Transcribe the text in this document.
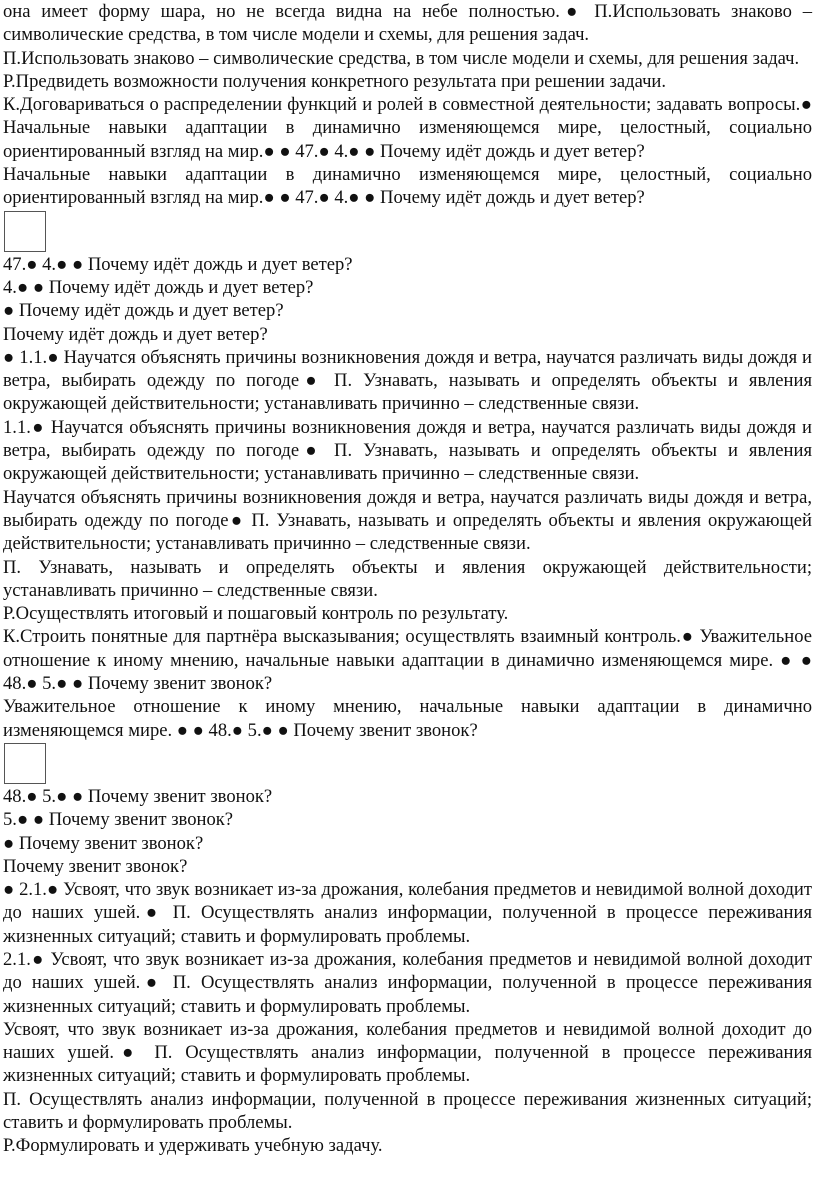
она имеет форму шара, но не всегда видна на небе полностью.● П.Использовать знаково – символические средства, в том числе модели и схемы, для решения задач.

П.Использовать знаково – символические средства, в том числе модели и схемы, для решения задач.

Р.Предвидеть возможности получения конкретного результата при решении задачи.

К.Договариваться о распределении функций и ролей в совместной деятельности; задавать вопросы.● Начальные навыки адаптации в динамично изменяющемся мире, целостный, социально ориентированный взгляд на мир.● ● 47.● 4.● ● Почему идёт дождь и дует ветер?

Начальные навыки адаптации в динамично изменяющемся мире, целостный, социально ориентированный взгляд на мир.● ● 47.● 4.● ● Почему идёт дождь и дует ветер?

47.● 4.● ● Почему идёт дождь и дует ветер?

4.● ● Почему идёт дождь и дует ветер?

● Почему идёт дождь и дует ветер?

Почему идёт дождь и дует ветер?

● 1.1.● Научатся объяснять причины возникновения дождя и ветра, научатся различать виды дождя и ветра, выбирать одежду по погоде● П. Узнавать, называть и определять объекты и явления окружающей действительности; устанавливать причинно – следственные связи.

1.1.● Научатся объяснять причины возникновения дождя и ветра, научатся различать виды дождя и ветра, выбирать одежду по погоде● П. Узнавать, называть и определять объекты и явления окружающей действительности; устанавливать причинно – следственные связи.

Научатся объяснять причины возникновения дождя и ветра, научатся различать виды дождя и ветра, выбирать одежду по погоде● П. Узнавать, называть и определять объекты и явления окружающей действительности; устанавливать причинно – следственные связи.

П. Узнавать, называть и определять объекты и явления окружающей действительности; устанавливать причинно – следственные связи.

Р.Осуществлять итоговый и пошаговый контроль по результату.

К.Строить понятные для партнёра высказывания; осуществлять взаимный контроль.● Уважительное отношение к иному мнению, начальные навыки адаптации в динамично изменяющемся мире. ● ● 48.● 5.● ● Почему звенит звонок?

Уважительное отношение к иному мнению, начальные навыки адаптации в динамично изменяющемся мире. ● ● 48.● 5.● ● Почему звенит звонок?

48.● 5.● ● Почему звенит звонок?

5.● ● Почему звенит звонок?

● Почему звенит звонок?

Почему звенит звонок?

● 2.1.● Усвоят, что звук возникает из-за дрожания, колебания предметов и невидимой волной доходит до наших ушей.● П. Осуществлять анализ информации, полученной в процессе переживания жизненных ситуаций; ставить и формулировать проблемы.

2.1.● Усвоят, что звук возникает из-за дрожания, колебания предметов и невидимой волной доходит до наших ушей.● П. Осуществлять анализ информации, полученной в процессе переживания жизненных ситуаций; ставить и формулировать проблемы.

Усвоят, что звук возникает из-за дрожания, колебания предметов и невидимой волной доходит до наших ушей.● П. Осуществлять анализ информации, полученной в процессе переживания жизненных ситуаций; ставить и формулировать проблемы.

П. Осуществлять анализ информации, полученной в процессе переживания жизненных ситуаций; ставить и формулировать проблемы.

Р.Формулировать и удерживать учебную задачу.
